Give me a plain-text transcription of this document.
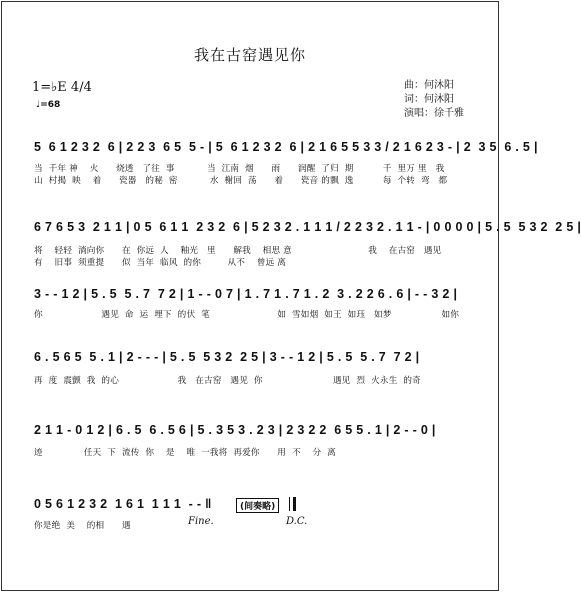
我在古窑遇见你
曲：何沐阳
词：何沐阳
演唱：徐千雅
1=♭E 4/4
♩=68
5  6 1 2 3 2  6 | 2 2 3  6 5  5 - | 5  6 1 2 3 2  6 | 2 1 6 5 5 3 3 / 2 1 6 2 3 - | 2  3 5  6 . 5 |
当  千年 神    火      烧透   了往  事           当  江南  烟      雨      润醒  了归  期          千  里万 里   我
山  村揭  映    着      瓷器   的秘  密           水  榭回  荡      着      瓷音 的飘  逸          每  个转  弯   都
6 7 6 5 3  2 1 1 | 0 5  6 1 1  2 3 2  6 | 5 2 3 2 . 1 1 1 / 2 2 3 2 . 1 1 - | 0 0 0 0 | 5 . 5  5 3 2  2 5 |
将    轻轻  淌向你      在  你远  人    釉光   里      解我    相思 意                          我    在古窑   遇见
有    旧事  须重提      似  当年  临风  的你         从不    曾远 离
3 - - 1 2 | 5 . 5  5 . 7  7 2 | 1 - - 0 7 | 1 . 7 1 . 7 1 . 2  3 . 2 2 6 . 6 | - - 3 2 |
你                    遇见  命  运  埋下  的伏  笔                       如  雪如烟  如王  如珏   如梦                 如你
6 . 5 6 5  5 . 1 | 2 - - - | 5 . 5  5 3 2  2 5 | 3 - - 1 2 | 5 . 5  5 . 7  7 2 |
再  度  震颤  我  的心                    我   在古窑   遇见  你                        遇见  烈  火永生  的奇
2 1 1 - 0 1 2 | 6 . 5  6 . 5 6 | 5 . 3 5 3 . 2 3 | 2 3 2 2  6 5 5 . 1 | 2 - - 0 |
迹              任天  下  流传  你    是    唯  一我将  再爱你      用  不    分  离
0 5 6 1 2 3 2  1 6 1  1 1 1  - - ‖
你是绝  美    的相      遇	Fine.
(间奏略)
D.C.
